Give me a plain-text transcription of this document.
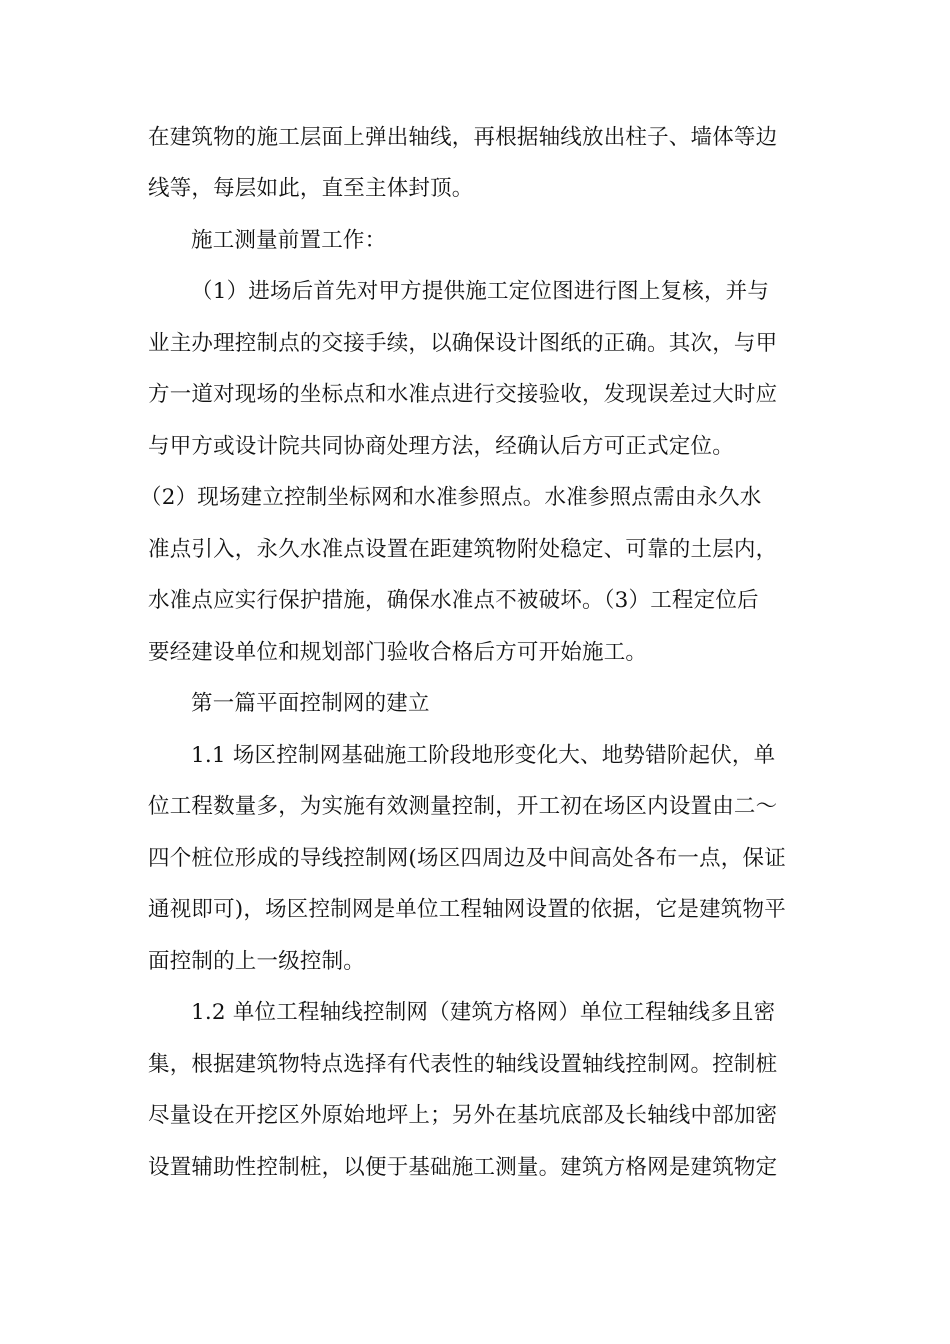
在建筑物的施工层面上弹出轴线，再根据轴线放出柱子、墙体等边
线等，每层如此，直至主体封顶。
施工测量前置工作：
（1）进场后首先对甲方提供施工定位图进行图上复核，并与
业主办理控制点的交接手续，以确保设计图纸的正确。其次，与甲
方一道对现场的坐标点和水准点进行交接验收，发现误差过大时应
与甲方或设计院共同协商处理方法，经确认后方可正式定位。
（2）现场建立控制坐标网和水准参照点。水准参照点需由永久水
准点引入，永久水准点设置在距建筑物附处稳定、可靠的土层内，
水准点应实行保护措施，确保水准点不被破坏。（3）工程定位后
要经建设单位和规划部门验收合格后方可开始施工。
第一篇平面控制网的建立
1.1 场区控制网基础施工阶段地形变化大、地势错阶起伏，单
位工程数量多，为实施有效测量控制，开工初在场区内设置由二～
四个桩位形成的导线控制网(场区四周边及中间高处各布一点，保证
通视即可)，场区控制网是单位工程轴网设置的依据，它是建筑物平
面控制的上一级控制。
1.2 单位工程轴线控制网（建筑方格网）单位工程轴线多且密
集，根据建筑物特点选择有代表性的轴线设置轴线控制网。控制桩
尽量设在开挖区外原始地坪上；另外在基坑底部及长轴线中部加密
设置辅助性控制桩，以便于基础施工测量。建筑方格网是建筑物定
